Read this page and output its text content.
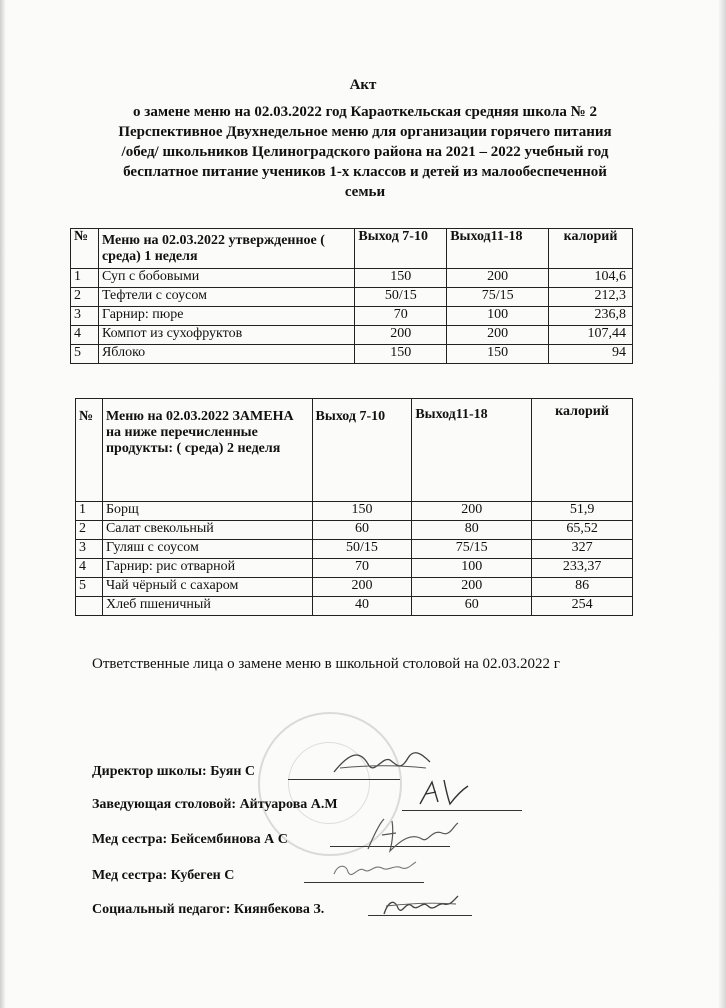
Акт
о замене меню на 02.03.2022 год Караоткельская средняя школа № 2
Перспективное Двухнедельное меню для организации горячего питания
/обед/ школьников Целиноградского района на 2021 – 2022 учебный год
бесплатное питание учеников 1-х классов и детей из малообеспеченной
семьи
№	Меню на 02.03.2022 утвержденное ( среда) 1 неделя	Выход 7-10	Выход11-18	калорий
1	Суп с бобовыми	150	200	104,6
2	Тефтели с соусом	50/15	75/15	212,3
3	Гарнир: пюре	70	100	236,8
4	Компот из сухофруктов	200	200	107,44
5	Яблоко	150	150	94
№	Меню на 02.03.2022 ЗАМЕНА на ниже перечисленные продукты: ( среда) 2 неделя	Выход 7-10	Выход11-18	калорий
1	Борщ	150	200	51,9
2	Салат свекольный	60	80	65,52
3	Гуляш с соусом	50/15	75/15	327
4	Гарнир: рис отварной	70	100	233,37
5	Чай чёрный с сахаром	200	200	86
	Хлеб пшеничный	40	60	254
Ответственные лица о замене меню в школьной столовой на 02.03.2022 г
Директор школы: Буян С
Заведующая столовой: Айтуарова А.М
Мед сестра: Бейсембинова А С
Мед сестра: Кубеген С
Социальный педагог: Киянбекова З.
